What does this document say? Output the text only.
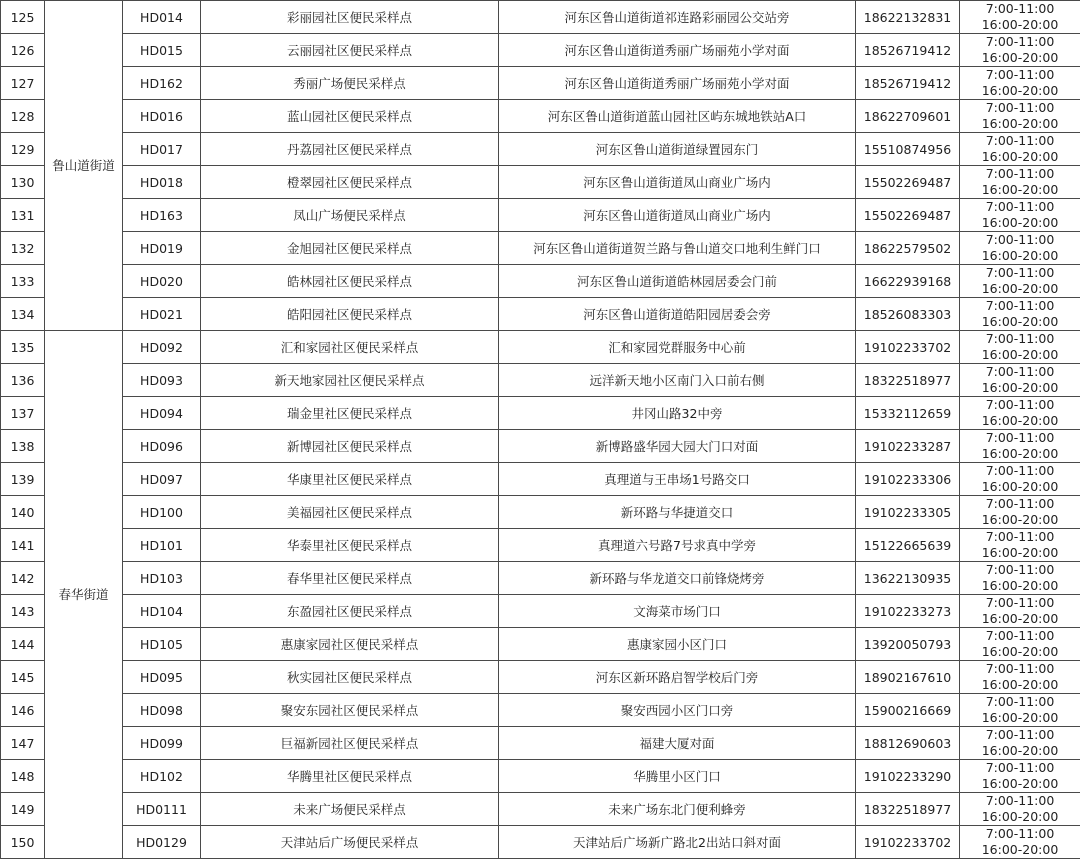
125	鲁山道街道	HD014	彩丽园社区便民采样点	河东区鲁山道街道祁连路彩丽园公交站旁	18622132831	7:00-11:00
16:00-20:00

126		HD015	云丽园社区便民采样点	河东区鲁山道街道秀丽广场丽苑小学对面	18526719412	7:00-11:00
16:00-20:00

127		HD162	秀丽广场便民采样点	河东区鲁山道街道秀丽广场丽苑小学对面	18526719412	7:00-11:00
16:00-20:00

128		HD016	蓝山园社区便民采样点	河东区鲁山道街道蓝山园社区屿东城地铁站A口	18622709601	7:00-11:00
16:00-20:00

129		HD017	丹荔园社区便民采样点	河东区鲁山道街道绿置园东门	15510874956	7:00-11:00
16:00-20:00

130		HD018	橙翠园社区便民采样点	河东区鲁山道街道凤山商业广场内	15502269487	7:00-11:00
16:00-20:00

131		HD163	凤山广场便民采样点	河东区鲁山道街道凤山商业广场内	15502269487	7:00-11:00
16:00-20:00

132		HD019	金旭园社区便民采样点	河东区鲁山道街道贺兰路与鲁山道交口地利生鲜门口	18622579502	7:00-11:00
16:00-20:00

133		HD020	皓林园社区便民采样点	河东区鲁山道街道皓林园居委会门前	16622939168	7:00-11:00
16:00-20:00

134		HD021	皓阳园社区便民采样点	河东区鲁山道街道皓阳园居委会旁	18526083303	7:00-11:00
16:00-20:00

135	春华街道	HD092	汇和家园社区便民采样点	汇和家园党群服务中心前	19102233702	7:00-11:00
16:00-20:00

136		HD093	新天地家园社区便民采样点	远洋新天地小区南门入口前右侧	18322518977	7:00-11:00
16:00-20:00

137		HD094	瑞金里社区便民采样点	井冈山路32中旁	15332112659	7:00-11:00
16:00-20:00

138		HD096	新博园社区便民采样点	新博路盛华园大园大门口对面	19102233287	7:00-11:00
16:00-20:00

139		HD097	华康里社区便民采样点	真理道与王串场1号路交口	19102233306	7:00-11:00
16:00-20:00

140		HD100	美福园社区便民采样点	新环路与华捷道交口	19102233305	7:00-11:00
16:00-20:00

141		HD101	华泰里社区便民采样点	真理道六号路7号求真中学旁	15122665639	7:00-11:00
16:00-20:00

142		HD103	春华里社区便民采样点	新环路与华龙道交口前锋烧烤旁	13622130935	7:00-11:00
16:00-20:00

143		HD104	东盈园社区便民采样点	文海菜市场门口	19102233273	7:00-11:00
16:00-20:00

144		HD105	惠康家园社区便民采样点	惠康家园小区门口	13920050793	7:00-11:00
16:00-20:00

145		HD095	秋实园社区便民采样点	河东区新环路启智学校后门旁	18902167610	7:00-11:00
16:00-20:00

146		HD098	聚安东园社区便民采样点	聚安西园小区门口旁	15900216669	7:00-11:00
16:00-20:00

147		HD099	巨福新园社区便民采样点	福建大厦对面	18812690603	7:00-11:00
16:00-20:00

148		HD102	华腾里社区便民采样点	华腾里小区门口	19102233290	7:00-11:00
16:00-20:00

149		HD0111	未来广场便民采样点	未来广场东北门便利蜂旁	18322518977	7:00-11:00
16:00-20:00

150		HD0129	天津站后广场便民采样点	天津站后广场新广路北2出站口斜对面	19102233702	7:00-11:00
16:00-20:00
